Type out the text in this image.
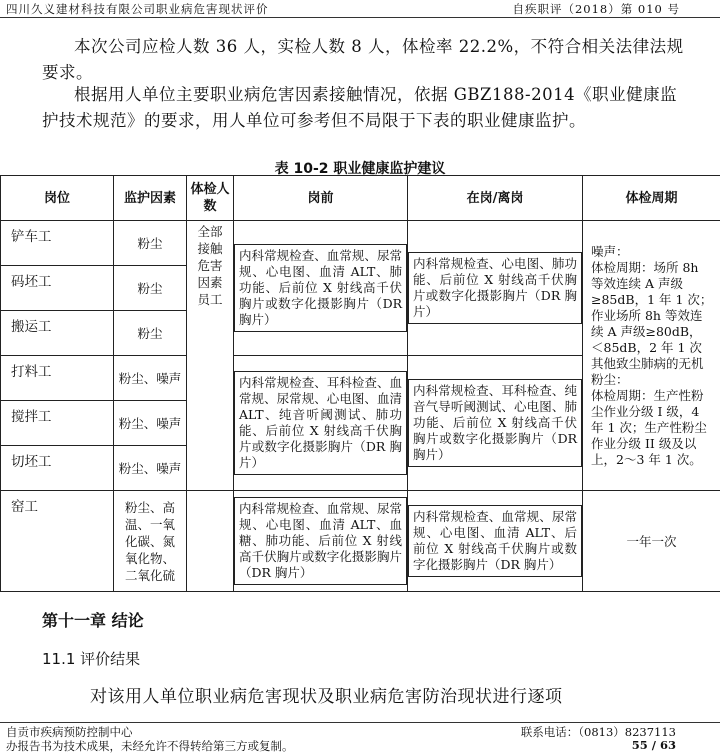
四川久义建材科技有限公司职业病危害现状评价	自疾职评（2018）第 010 号
本次公司应检人数 36 人，实检人数 8 人，体检率 22.2%，不符合相关法律法规要求。
根据用人单位主要职业病危害因素接触情况，依据 GBZ188-2014《职业健康监护技术规范》的要求，用人单位可参考但不局限于下表的职业健康监护。
表 10-2 职业健康监护建议
岗位	监护因素	体检人数	岗前	在岗/离岗	体检周期
铲车工	粉尘	全部接触危害因素员工	内科常规检查、血常规、尿常规、心电图、血清 ALT、肺功能、后前位 X 射线高千伏胸片或数字化摄影胸片（DR 胸片）	内科常规检查、心电图、肺功能、后前位 X 射线高千伏胸片或数字化摄影胸片（DR 胸片）	噪声：
体检周期：场所 8h 等效连续 A 声级≥85dB，1 年 1 次；作业场所 8h 等效连续 A 声级≥80dB，＜85dB，2 年 1 次
其他致尘肺病的无机粉尘：
体检周期：生产性粉尘作业分级 I 级，4 年 1 次；生产性粉尘作业分级 II 级及以上，2～3 年 1 次。

码坯工	粉尘				
搬运工	粉尘				
打料工	粉尘、噪声		内科常规检查、耳科检查、血常规、尿常规、心电图、血清 ALT、纯音听阈测试、肺功能、后前位 X 射线高千伏胸片或数字化摄影胸片（DR 胸片）	内科常规检查、耳科检查、纯音气导听阈测试、心电图、肺功能、后前位 X 射线高千伏胸片或数字化摄影胸片（DR 胸片）	

搅拌工	粉尘、噪声				
切坯工	粉尘、噪声				
窑工	粉尘、高温、一氧化碳、氮氧化物、二氧化硫		内科常规检查、血常规、尿常规、心电图、血清 ALT、血糖、肺功能、后前位 X 射线高千伏胸片或数字化摄影胸片（DR 胸片）	内科常规检查、血常规、尿常规、心电图、血清 ALT、后前位 X 射线高千伏胸片或数字化摄影胸片（DR 胸片）	一年一次
第十一章 结论
11.1 评价结果
对该用人单位职业病危害现状及职业病危害防治现状进行逐项
自贡市疾病预防控制中心	联系电话：（0813）8237113
办报告书为技术成果，未经允许不得转给第三方或复制。	55 / 63
